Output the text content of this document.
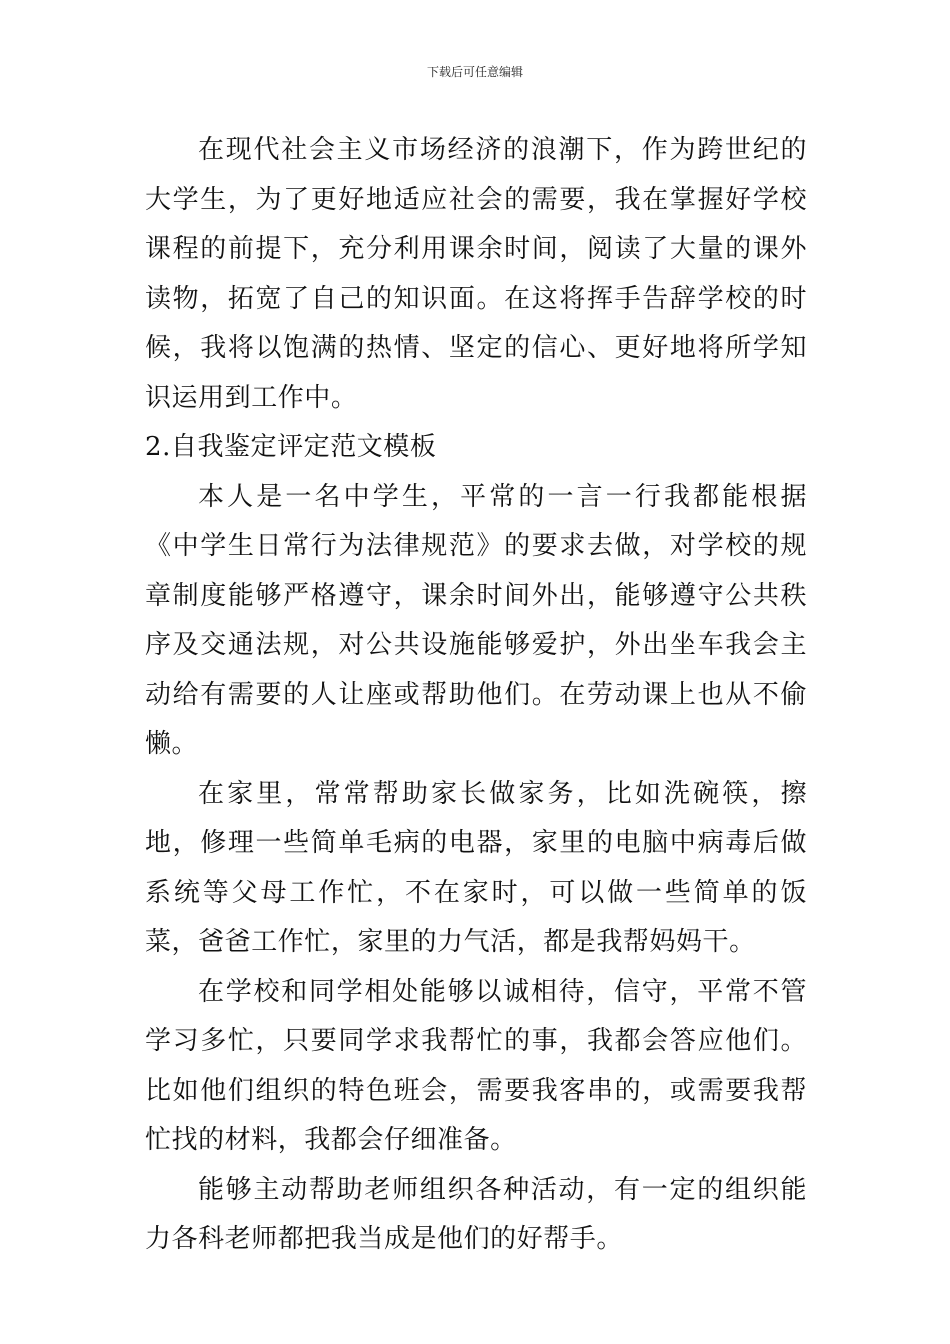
下载后可任意编辑

在现代社会主义市场经济的浪潮下，作为跨世纪的大学生，为了更好地适应社会的需要，我在掌握好学校课程的前提下，充分利用课余时间，阅读了大量的课外读物，拓宽了自己的知识面。在这将挥手告辞学校的时候，我将以饱满的热情、坚定的信心、更好地将所学知识运用到工作中。

2.自我鉴定评定范文模板

本人是一名中学生，平常的一言一行我都能根据《中学生日常行为法律规范》的要求去做，对学校的规章制度能够严格遵守，课余时间外出，能够遵守公共秩序及交通法规，对公共设施能够爱护，外出坐车我会主动给有需要的人让座或帮助他们。在劳动课上也从不偷懒。

在家里，常常帮助家长做家务，比如洗碗筷，擦地，修理一些简单毛病的电器，家里的电脑中病毒后做系统等父母工作忙，不在家时，可以做一些简单的饭菜，爸爸工作忙，家里的力气活，都是我帮妈妈干。

在学校和同学相处能够以诚相待，信守，平常不管学习多忙，只要同学求我帮忙的事，我都会答应他们。比如他们组织的特色班会，需要我客串的，或需要我帮忙找的材料，我都会仔细准备。

能够主动帮助老师组织各种活动，有一定的组织能力各科老师都把我当成是他们的好帮手。
